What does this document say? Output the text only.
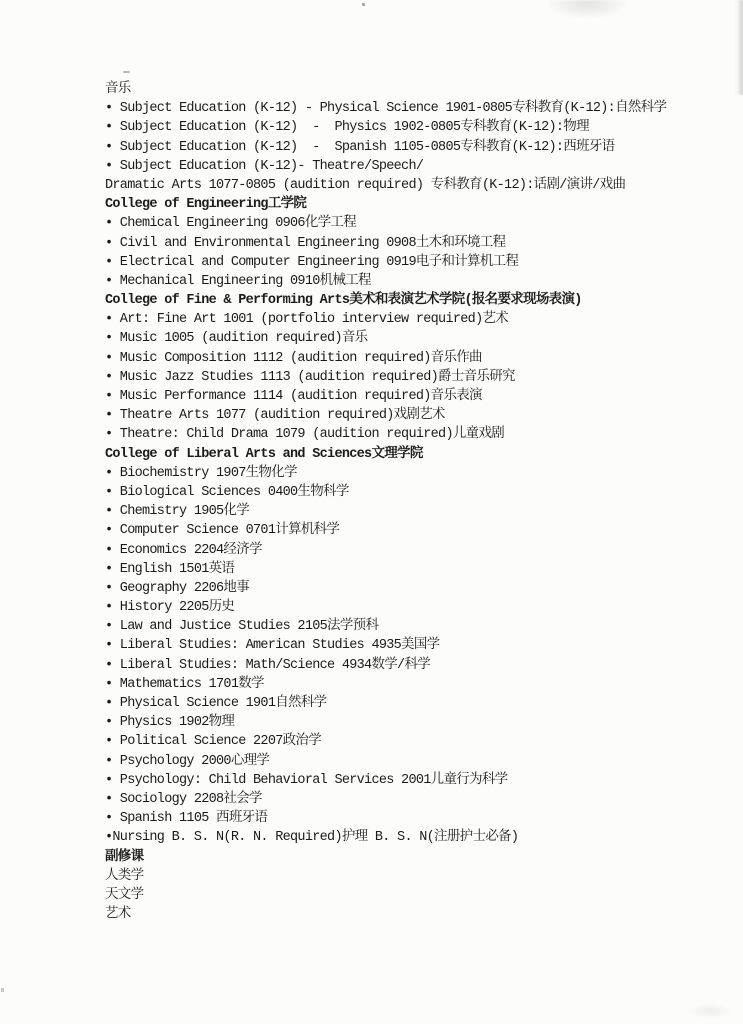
音乐
• Subject Education (K-12) - Physical Science 1901-0805专科教育(K-12):自然科学
• Subject Education (K-12)  -  Physics 1902-0805专科教育(K-12):物理
• Subject Education (K-12)  -  Spanish 1105-0805专科教育(K-12):西班牙语
• Subject Education (K-12)- Theatre/Speech/
Dramatic Arts 1077-0805 (audition required) 专科教育(K-12):话剧/演讲/戏曲
College of Engineering工学院
• Chemical Engineering 0906化学工程
• Civil and Environmental Engineering 0908土木和环境工程
• Electrical and Computer Engineering 0919电子和计算机工程
• Mechanical Engineering 0910机械工程
College of Fine & Performing Arts美术和表演艺术学院(报名要求现场表演)
• Art: Fine Art 1001 (portfolio interview required)艺术
• Music 1005 (audition required)音乐
• Music Composition 1112 (audition required)音乐作曲
• Music Jazz Studies 1113 (audition required)爵士音乐研究
• Music Performance 1114 (audition required)音乐表演
• Theatre Arts 1077 (audition required)戏剧艺术
• Theatre: Child Drama 1079 (audition required)儿童戏剧
College of Liberal Arts and Sciences文理学院
• Biochemistry 1907生物化学
• Biological Sciences 0400生物科学
• Chemistry 1905化学
• Computer Science 0701计算机科学
• Economics 2204经济学
• English 1501英语
• Geography 2206地事
• History 2205历史
• Law and Justice Studies 2105法学预科
• Liberal Studies: American Studies 4935美国学
• Liberal Studies: Math/Science 4934数学/科学
• Mathematics 1701数学
• Physical Science 1901自然科学
• Physics 1902物理
• Political Science 2207政治学
• Psychology 2000心理学
• Psychology: Child Behavioral Services 2001儿童行为科学
• Sociology 2208社会学
• Spanish 1105 西班牙语
•Nursing B. S. N(R. N. Required)护理 B. S. N(注册护士必备)
副修课
人类学
天文学
艺术
